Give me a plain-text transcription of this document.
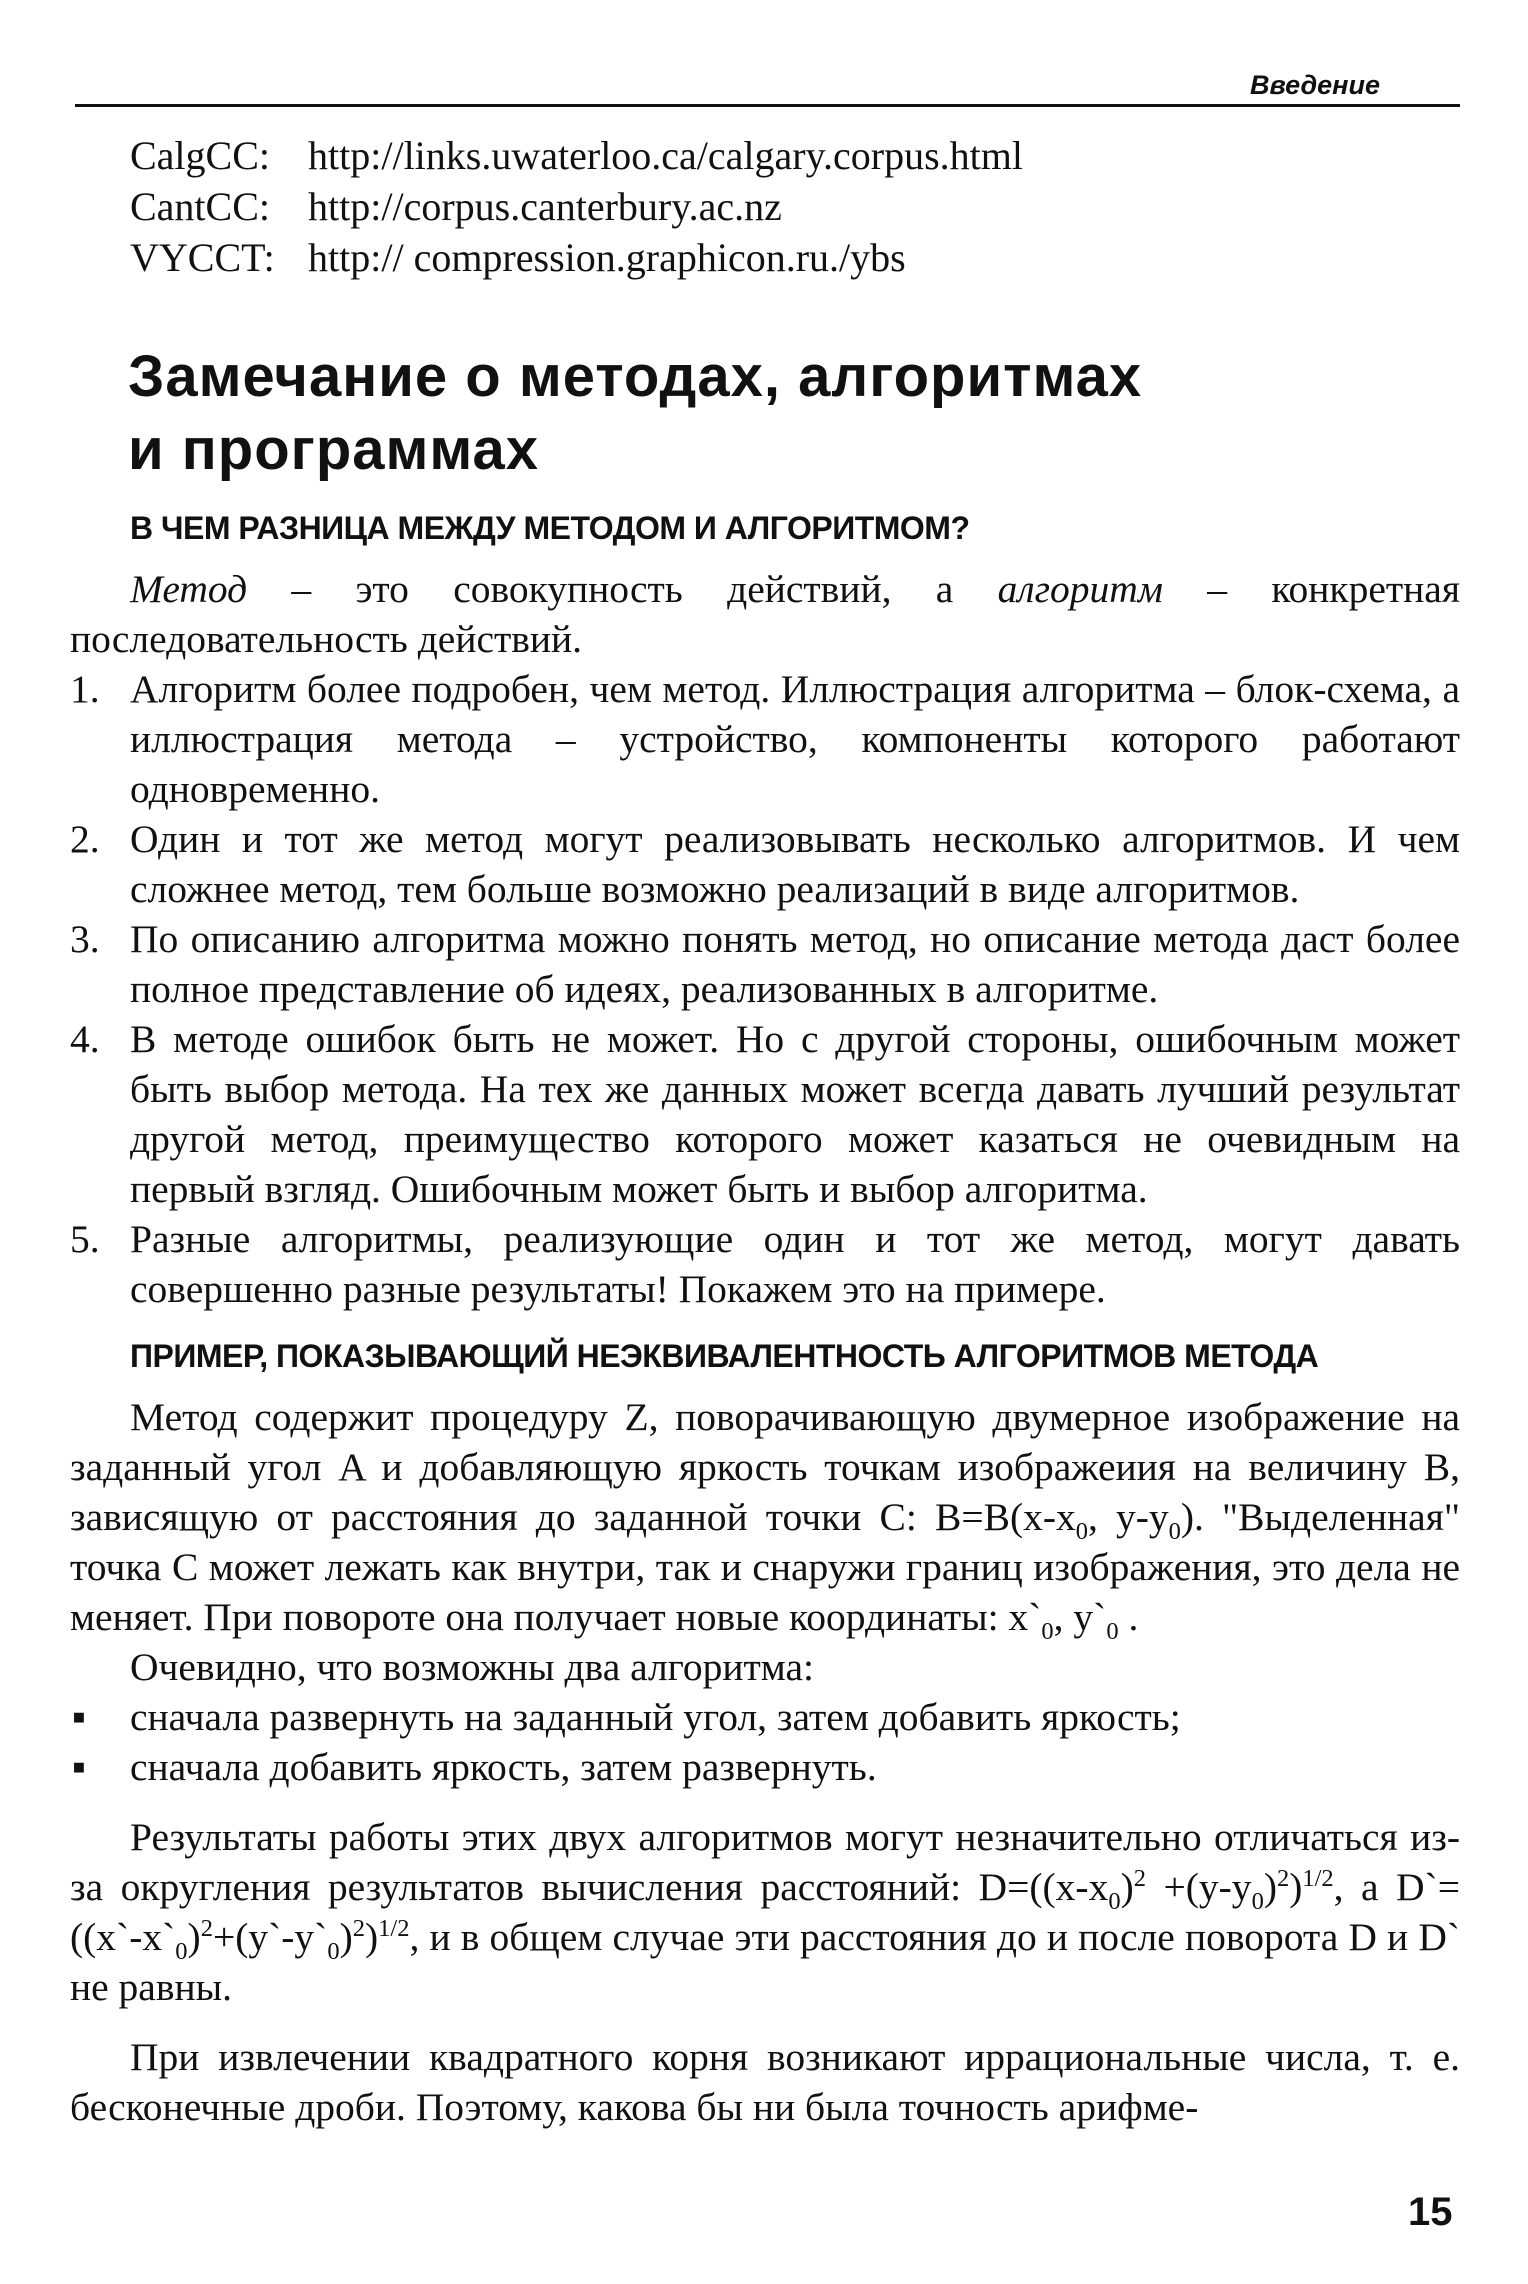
Введение
CalgCC: http://links.uwaterloo.ca/calgary.corpus.html
CantCC: http://corpus.canterbury.ac.nz
VYCCT: http:// compression.graphicon.ru./ybs
Замечание о методах, алгоритмах
и программах
В ЧЕМ РАЗНИЦА МЕЖДУ МЕТОДОМ И АЛГОРИТМОМ?

Метод – это совокупность действий, а алгоритм – конкретная последовательность действий.

1. Алгоритм более подробен, чем метод. Иллюстрация алгоритма – блок-схема, а иллюстрация метода – устройство, компоненты которого работают одновременно.
2. Один и тот же метод могут реализовывать несколько алгоритмов. И чем сложнее метод, тем больше возможно реализаций в виде алгоритмов.
3. По описанию алгоритма можно понять метод, но описание метода даст более полное представление об идеях, реализованных в алгоритме.
4. В методе ошибок быть не может. Но с другой стороны, ошибочным может быть выбор метода. На тех же данных может всегда давать лучший результат другой метод, преимущество которого может казаться не очевидным на первый взгляд. Ошибочным может быть и выбор алгоритма.
5. Разные алгоритмы, реализующие один и тот же метод, могут давать совершенно разные результаты! Покажем это на примере.
ПРИМЕР, ПОКАЗЫВАЮЩИЙ НЕЭКВИВАЛЕНТНОСТЬ АЛГОРИТМОВ МЕТОДА

Метод содержит процедуру Z, поворачивающую двумерное изображение на заданный угол A и добавляющую яркость точкам изображеиия на величину B, зависящую от расстояния до заданной точки C: $B=B(x-x_0$, $y-y_0$). "Выделенная" точка C может лежать как внутри, так и снаружи границ изображения, это дела не меняет. При повороте она получает новые координаты: $x`_0$, $y`_0$ .

Очевидно, что возможны два алгоритма:

▪ сначала развернуть на заданный угол, затем добавить яркость;
▪ сначала добавить яркость, затем развернуть.

Результаты работы этих двух алгоритмов могут незначительно отличаться из-за округления результатов вычисления расстояний: $D=((x-x_0)^2 +(y-y_0)^2)^{1/2}$, а $D`=((x`-x`_0)^2+(y`-y`_0)^2)^{1/2}$, и в общем случае эти расстояния до и после поворота D и D` не равны.

При извлечении квадратного корня возникают иррациональные числа, т. е. бесконечные дроби. Поэтому, какова бы ни была точность арифме-

15
